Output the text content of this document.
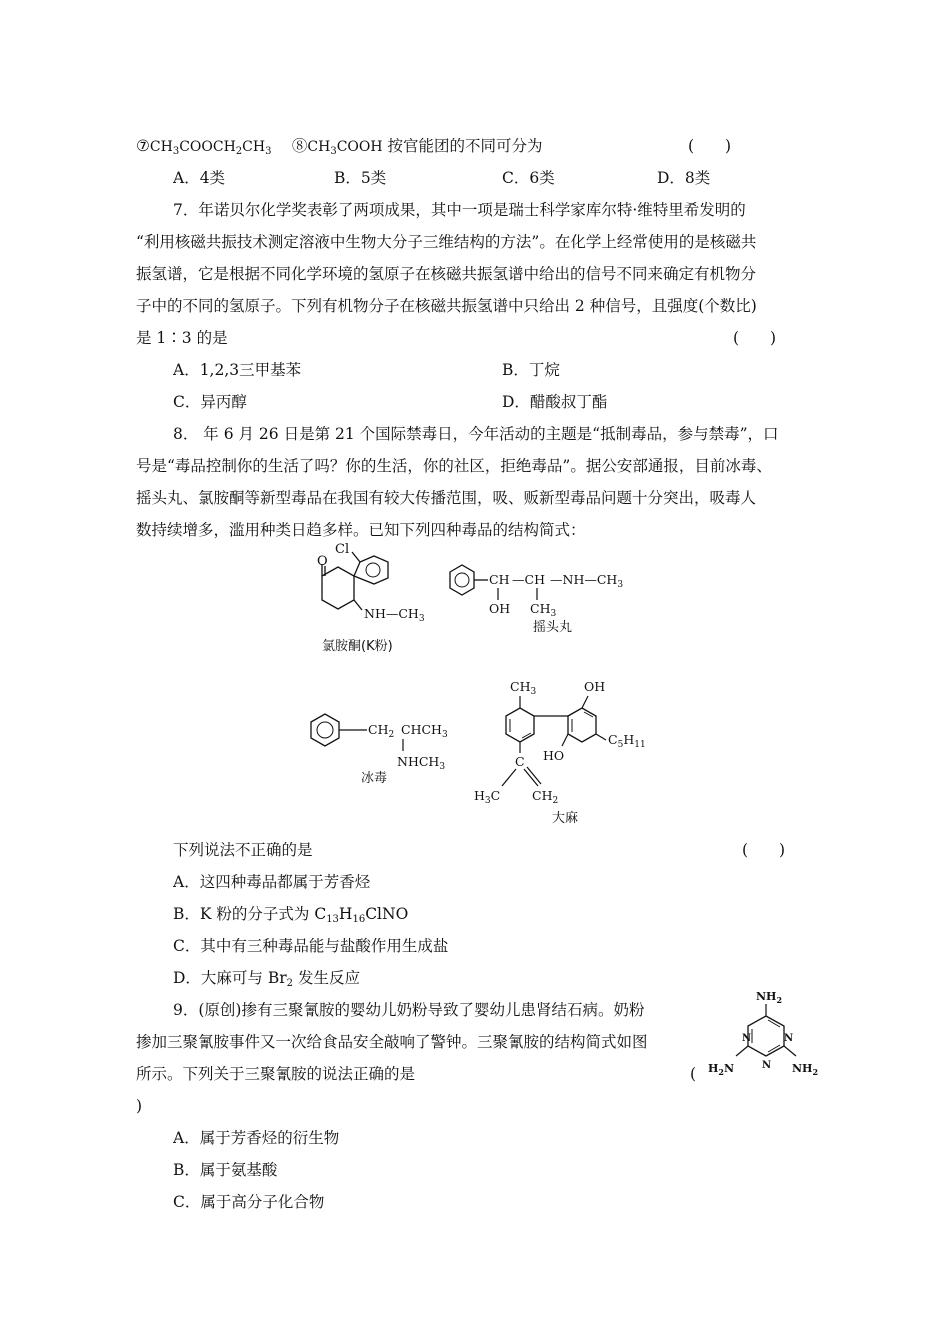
$⑦CH_3COOCH_2CH_3$　 $⑧CH_3COOH$ 按官能团的不同可分为	(　　)
A．4类	B．5类	C．6类	D．8类
7．年诺贝尔化学奖表彰了两项成果，其中一项是瑞士科学家库尔特·维特里希发明的
“利用核磁共振技术测定溶液中生物大分子三维结构的方法”。在化学上经常使用的是核磁共
振氢谱，它是根据不同化学环境的氢原子在核磁共振氢谱中给出的信号不同来确定有机物分
子中的不同的氢原子。下列有机物分子在核磁共振氢谱中只给出 2 种信号，且强度(个数比)
是 1∶3 的是	(　　)
A．1,2,3三甲基苯	B．丁烷
C．异丙醇	D．醋酸叔丁酯
8． 年 6 月 26 日是第 21 个国际禁毒日，今年活动的主题是“抵制毒品，参与禁毒”，口
号是“毒品控制你的生活了吗？你的生活，你的社区，拒绝毒品”。据公安部通报，目前冰毒、
摇头丸、氯胺酮等新型毒品在我国有较大传播范围，吸、贩新型毒品问题十分突出，吸毒人
数持续增多，滥用种类日趋多样。已知下列四种毒品的结构简式：
O
Cl
$NH—CH_3$
氯胺酮(K粉)
CH —CH $—NH—CH_3$
OH $CH_3$
摇头丸
$CH_2$ $CHCH_3$
$NHCH_3$
冰毒
$CH_3$	OH
$C_5H_{11}$
HO
C
$H_3C$	$CH_2$
大麻
下列说法不正确的是	(　　)
A．这四种毒品都属于芳香烃
B．K 粉的分子式为 $C_{13}H_{16}ClNO$
C．其中有三种毒品能与盐酸作用生成盐
D．大麻可与 $Br_2$ 发生反应
9．(原创)掺有三聚氰胺的婴幼儿奶粉导致了婴幼儿患肾结石病。奶粉
掺加三聚氰胺事件又一次给食品安全敲响了警钟。三聚氰胺的结构简式如图
所示。下列关于三聚氰胺的说法正确的是	(
)
$NH_2$
N	N
N
$H_2N$	$NH_2$
A．属于芳香烃的衍生物
B．属于氨基酸
C．属于高分子化合物
